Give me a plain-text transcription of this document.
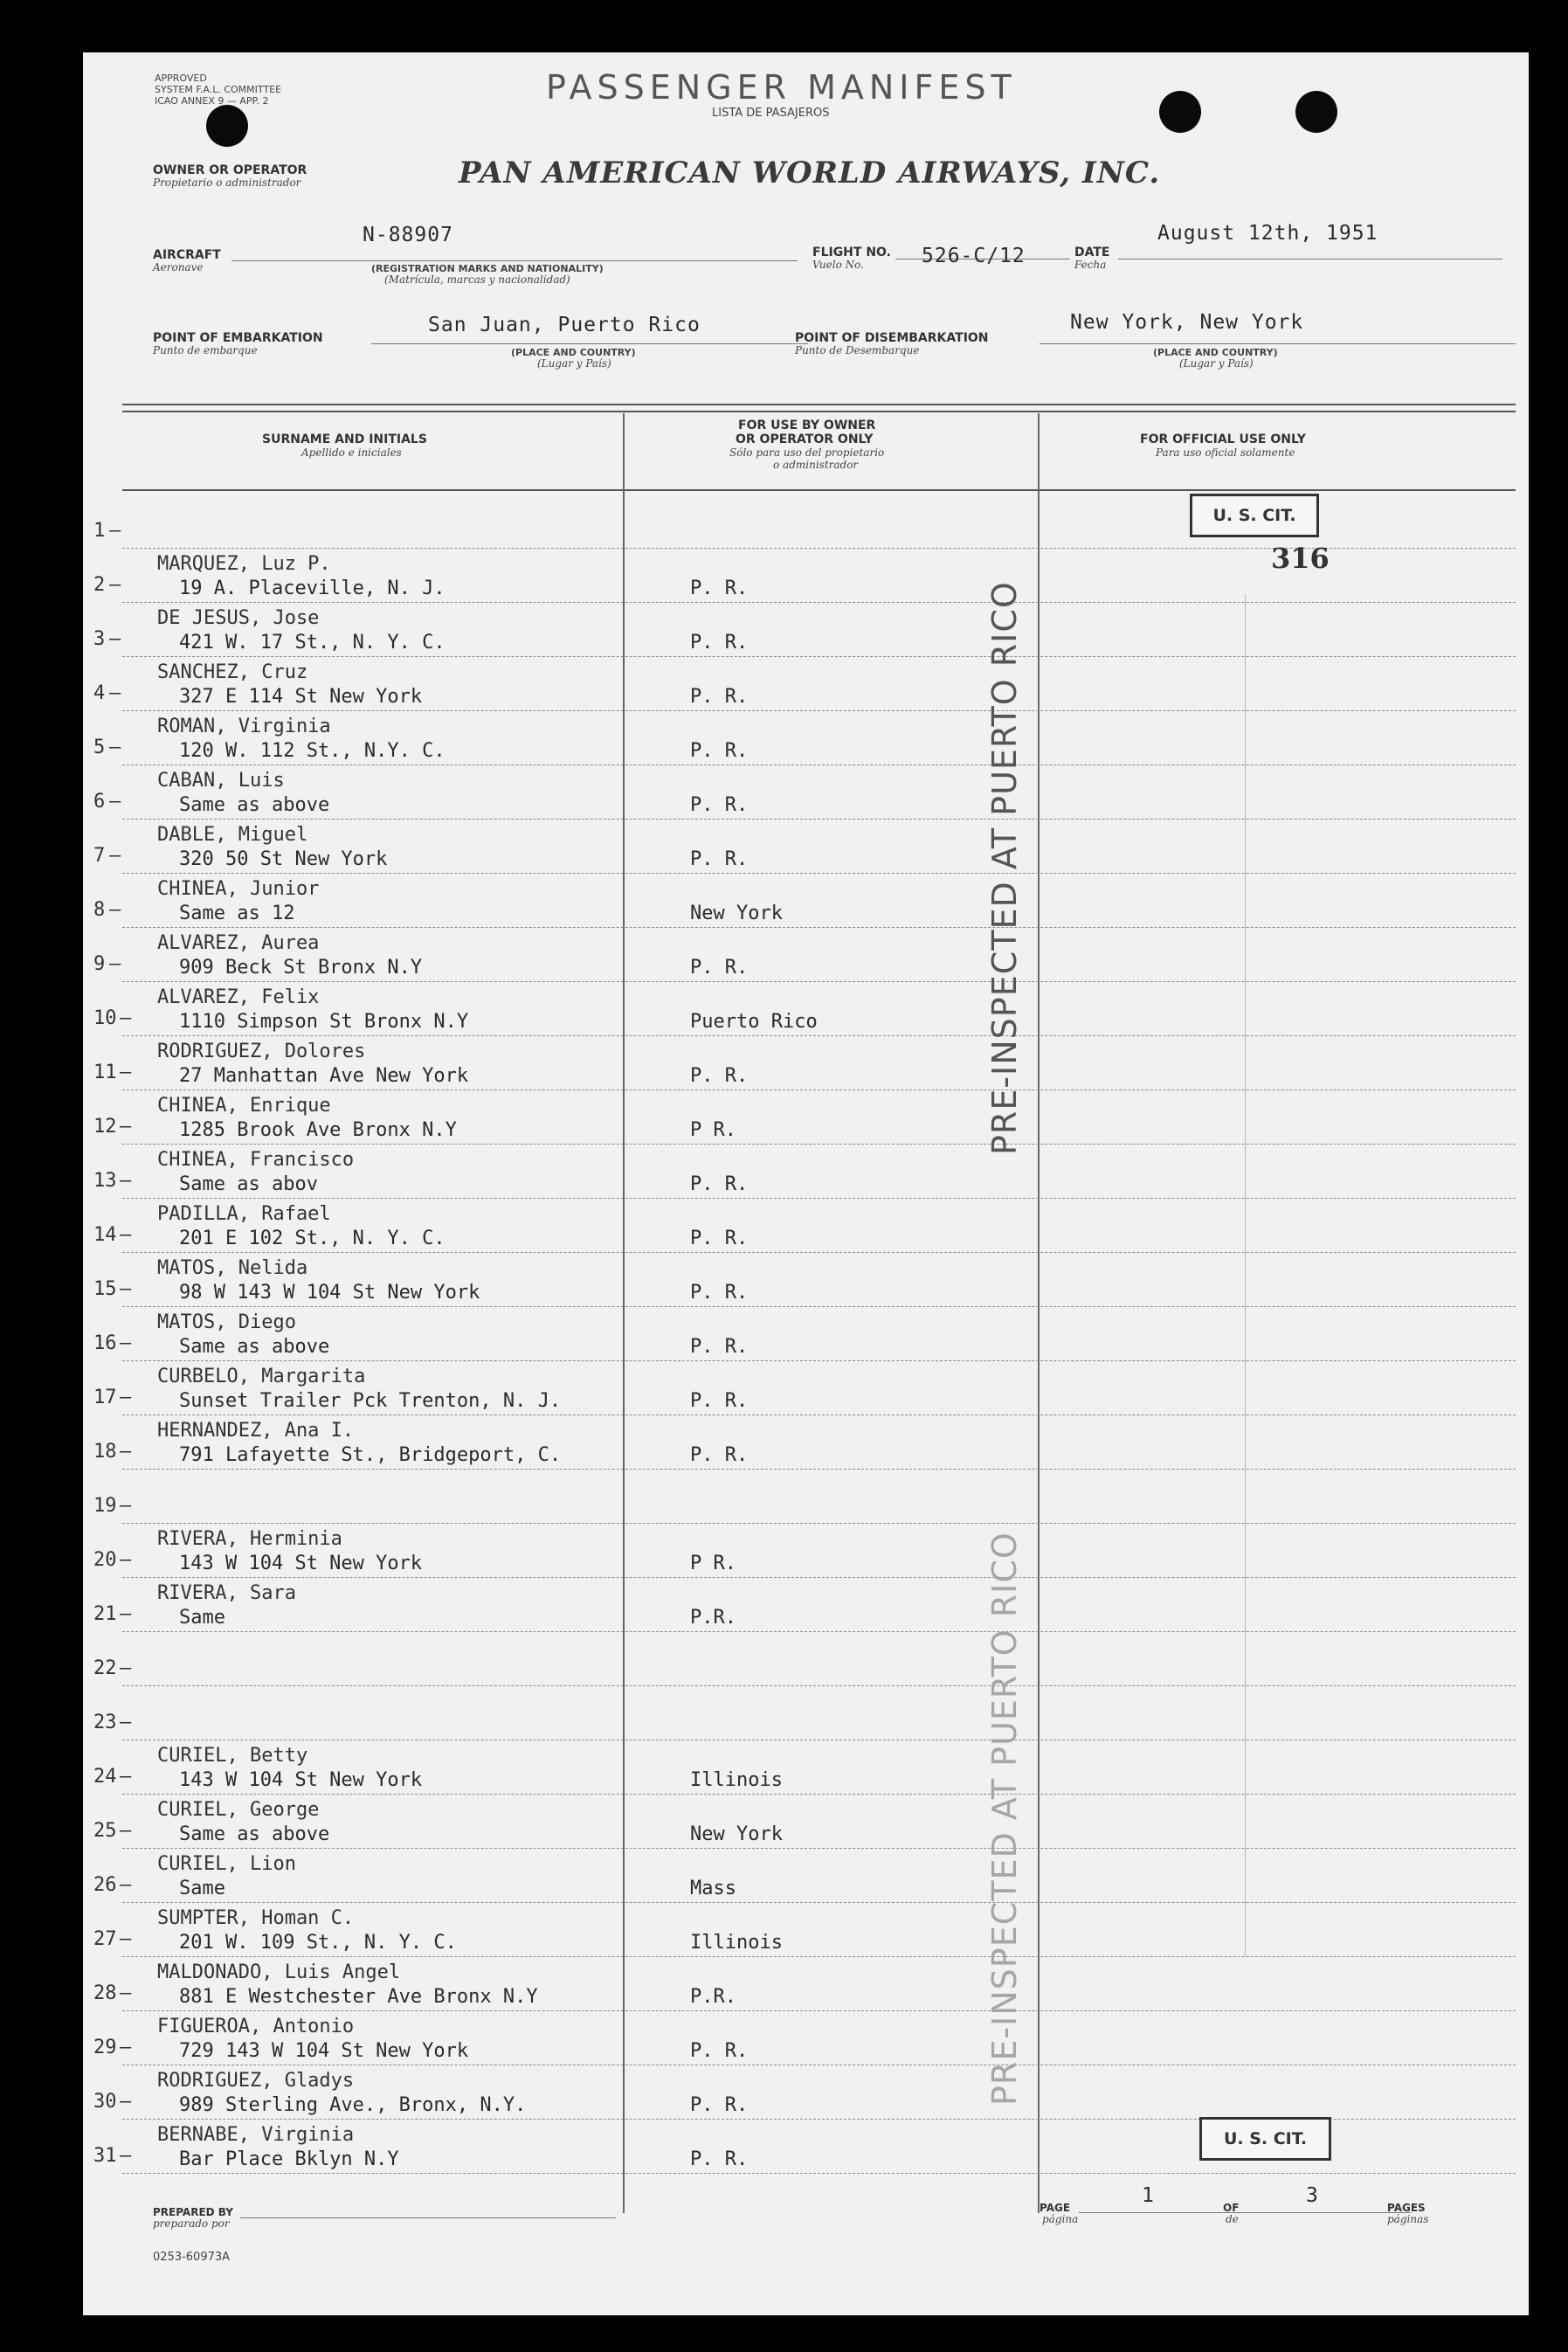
APPROVED
SYSTEM F.A.L. COMMITTEE
ICAO ANNEX 9 — APP. 2	PASSENGER MANIFEST
LISTA DE PASAJEROS
OWNER OR OPERATOR
Propietario o administrador	PAN AMERICAN WORLD AIRWAYS, INC.
AIRCRAFT
Aeronave
N-88907
(REGISTRATION MARKS AND NATIONALITY)
(Matrícula, marcas y nacionalidad)
FLIGHT NO.
Vuelo No.	526-C/12	DATE
Fecha
August 12th, 1951
POINT OF EMBARKATION
Punto de embarque
San Juan, Puerto Rico
(PLACE AND COUNTRY)
(Lugar y País)
POINT OF DISEMBARKATION
Punto de Desembarque
New York, New York
(PLACE AND COUNTRY)
(Lugar y País)
SURNAME AND INITIALS
Apellido e iniciales
FOR USE BY OWNER
OR OPERATOR ONLY
Sólo para uso del propietario
o administrador
FOR OFFICIAL USE ONLY
Para uso oficial solamente
1 –
2 –
MARQUEZ, Luz P.
19 A. Placeville, N. J.	P. R.
3 –
DE JESUS, Jose
421 W. 17 St., N. Y. C.	P. R.
4 –
SANCHEZ, Cruz
327 E 114 St New York	P. R.
5 –
ROMAN, Virginia
120 W. 112 St., N.Y. C.	P. R.
6 –
CABAN, Luis
Same as above	P. R.
7 –
DABLE, Miguel
320 50 St New York	P. R.
8 –
CHINEA, Junior
Same as 12	New York
9 –
ALVAREZ, Aurea
909 Beck St Bronx N.Y	P. R.
10 –
ALVAREZ, Felix
1110 Simpson St Bronx N.Y	Puerto Rico
11 –
RODRIGUEZ, Dolores
27 Manhattan Ave New York	P. R.
12 –
CHINEA, Enrique
1285 Brook Ave Bronx N.Y	P R.
13 –
CHINEA, Francisco
Same as abov	P. R.
14 –
PADILLA, Rafael
201 E 102 St., N. Y. C.	P. R.
15 –
MATOS, Nelida
98 W 143 W 104 St New York	P. R.
16 –
MATOS, Diego
Same as above	P. R.
17 –
CURBELO, Margarita
Sunset Trailer Pck Trenton, N. J.	P. R.
18 –
HERNANDEZ, Ana I.
791 Lafayette St., Bridgeport, C.	P. R.
19 –
20 –
RIVERA, Herminia
143 W 104 St New York	P R.
21 –
RIVERA, Sara
Same	P.R.
22 –
23 –
24 –
CURIEL, Betty
143 W 104 St New York	Illinois
25 –
CURIEL, George
Same as above	New York
26 –
CURIEL, Lion
Same	Mass
27 –
SUMPTER, Homan C.
201 W. 109 St., N. Y. C.	Illinois
28 –
MALDONADO, Luis Angel
881 E Westchester Ave Bronx N.Y	P.R.
29 –
FIGUEROA, Antonio
729 143 W 104 St New York	P. R.
30 –
RODRIGUEZ, Gladys
989 Sterling Ave., Bronx, N.Y.	P. R.
31 –
BERNABE, Virginia
Bar Place Bklyn N.Y	P. R.
U. S. CIT.
316
U. S. CIT.
PRE-INSPECTED AT PUERTO RICO
PRE-INSPECTED AT PUERTO RICO
PREPARED BY
preparado por
PAGE
página
1
OF
de
3
PAGES
páginas
0253-60973A
